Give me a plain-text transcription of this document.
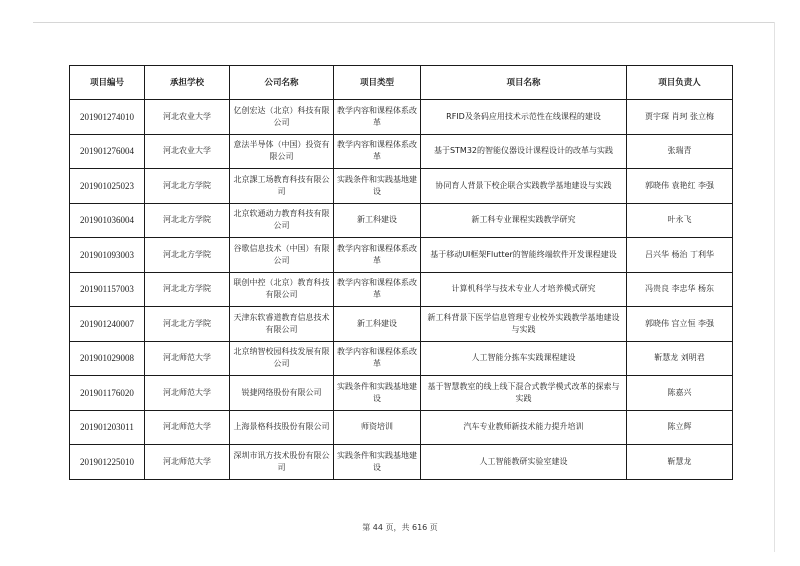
项目编号	承担学校	公司名称	项目类型	项目名称	项目负责人
201901274010	河北农业大学	亿创宏达（北京）科技有限公司	教学内容和课程体系改革	RFID及条码应用技术示范性在线课程的建设	贾宇琛 肖珂 张立梅
201901276004	河北农业大学	意法半导体（中国）投资有限公司	教学内容和课程体系改革	基于STM32的智能仪器设计课程设计的改革与实践	张瑞青
201901025023	河北北方学院	北京課工场教育科技有限公司	实践条件和实践基地建设	协同育人背景下校企联合实践教学基地建设与实践	郭晓伟 袁艳红 李强
201901036004	河北北方学院	北京软通动力教育科技有限公司	新工科建设	新工科专业课程实践教学研究	叶永飞
201901093003	河北北方学院	谷歌信息技术（中国）有限公司	教学内容和课程体系改革	基于移动UI框架Flutter的智能终端软件开发课程建设	吕兴华 杨治 丁利华
201901157003	河北北方学院	联创中控（北京）教育科技有限公司	教学内容和课程体系改革	计算机科学与技术专业人才培养模式研究	冯贵良 李忠华 杨东
201901240007	河北北方学院	天津东软睿道教育信息技术有限公司	新工科建设	新工科背景下医学信息管理专业校外实践教学基地建设与实践	郭晓伟 宫立恒 李强
201901029008	河北师范大学	北京纳智校园科技发展有限公司	教学内容和课程体系改革	人工智能分拣车实践课程建设	靳慧龙 刘明君
201901176020	河北师范大学	锐捷网络股份有限公司	实践条件和实践基地建设	基于智慧教室的线上线下混合式教学模式改革的探索与实践	陈嘉兴
201901203011	河北师范大学	上海景格科技股份有限公司	师资培训	汽车专业教师新技术能力提升培训	陈立辉
201901225010	河北师范大学	深圳市讯方技术股份有限公司	实践条件和实践基地建设	人工智能教研实验室建设	靳慧龙
第 44 页，共 616 页
